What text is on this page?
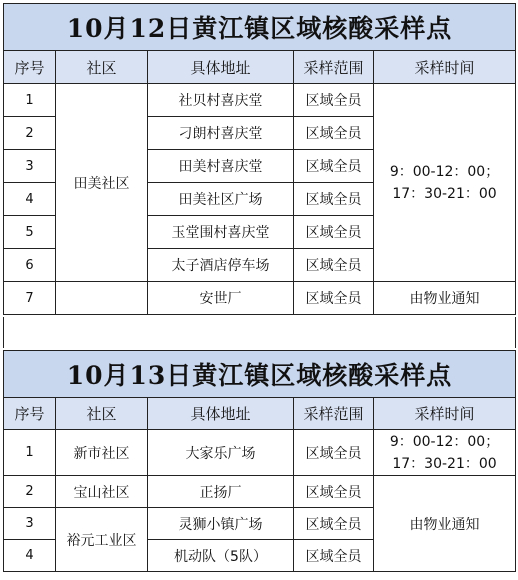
10月12日黄江镇区域核酸采样点				
序号	社区	具体地址	采样范围	采样时间
1	田美社区	社贝村喜庆堂	区域全员	9：00-12：00；
17：30-21：00

2		刁朗村喜庆堂	区域全员	
3		田美村喜庆堂	区域全员	
4		田美社区广场	区域全员	
5		玉堂围村喜庆堂	区域全员	
6		太子酒店停车场	区域全员	
7		安世厂	区域全员	由物业通知
10月13日黄江镇区域核酸采样点				
序号	社区	具体地址	采样范围	采样时间
1	新市社区	大家乐广场	区域全员	9：00-12：00；
17：30-21：00

2	宝山社区	正扬厂	区域全员	由物业通知
3	裕元工业区	灵狮小镇广场	区域全员	
4		机动队（5队）	区域全员	
